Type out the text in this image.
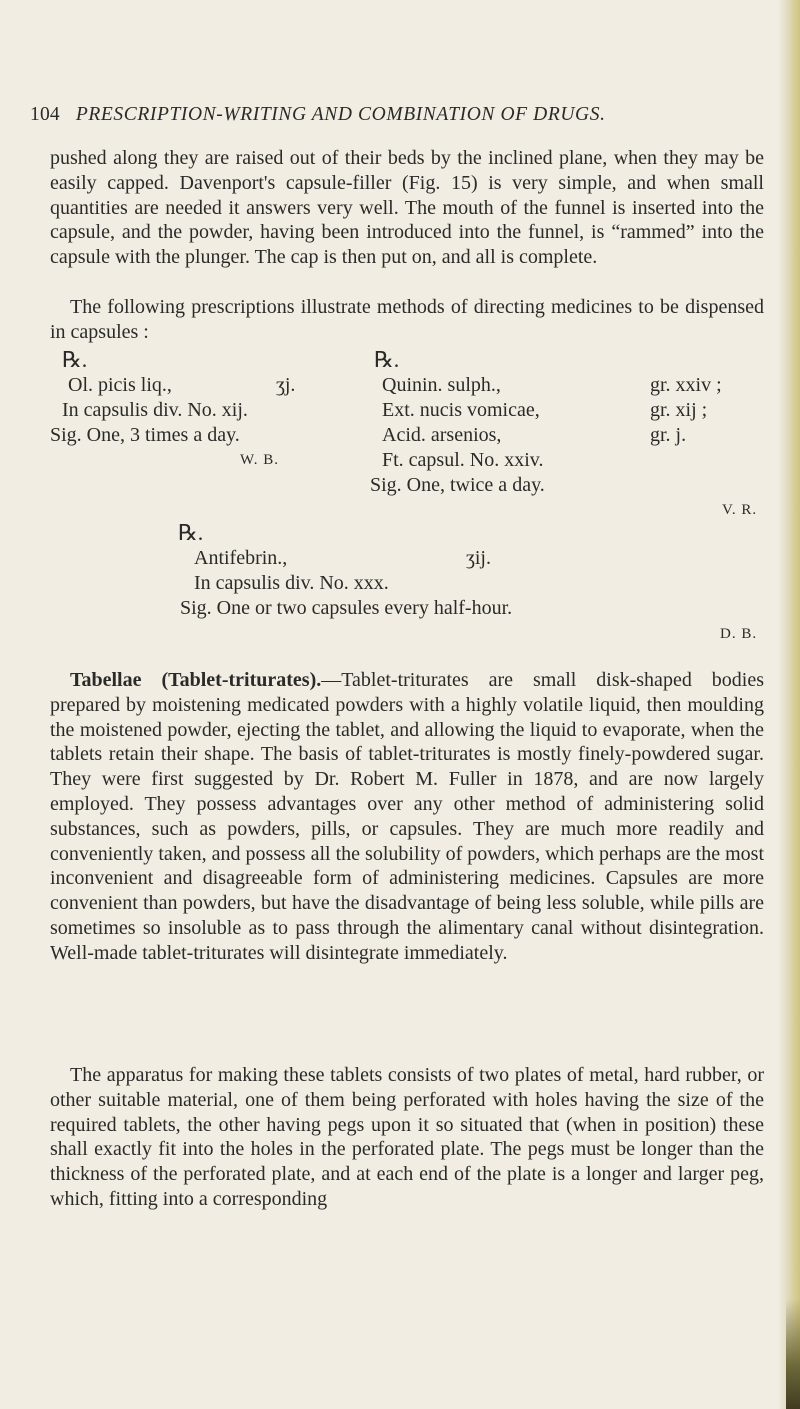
104 PRESCRIPTION-WRITING AND COMBINATION OF DRUGS.

pushed along they are raised out of their beds by the inclined plane, when they may be easily capped. Davenport's capsule-filler (Fig. 15) is very simple, and when small quantities are needed it answers very well. The mouth of the funnel is inserted into the capsule, and the powder, having been introduced into the funnel, is “rammed” into the capsule with the plunger. The cap is then put on, and all is complete.

The following prescriptions illustrate methods of directing medicines to be dispensed in capsules :

℞.
Ol. picis liq.,	ʒj.
In capsulis div. No. xij.
Sig. One, 3 times a day.
W. B.
℞.
Quinin. sulph.,	gr. xxiv ;
Ext. nucis vomicae,	gr. xij ;
Acid. arsenios,	gr. j.
Ft. capsul. No. xxiv.
Sig. One, twice a day.
V. R.
℞.
Antifebrin.,	ʒij.
In capsulis div. No. xxx.
Sig. One or two capsules every half-hour.
D. B.

Tabellae (Tablet-triturates).—Tablet-triturates are small disk-shaped bodies prepared by moistening medicated powders with a highly volatile liquid, then moulding the moistened powder, ejecting the tablet, and allowing the liquid to evaporate, when the tablets retain their shape. The basis of tablet-triturates is mostly finely-powdered sugar. They were first suggested by Dr. Robert M. Fuller in 1878, and are now largely employed. They possess advantages over any other method of administering solid substances, such as powders, pills, or capsules. They are much more readily and conveniently taken, and possess all the solubility of powders, which perhaps are the most inconvenient and disagreeable form of administering medicines. Capsules are more convenient than powders, but have the disadvantage of being less soluble, while pills are sometimes so insoluble as to pass through the alimentary canal without disintegration. Well-made tablet-triturates will disintegrate immediately.

The apparatus for making these tablets consists of two plates of metal, hard rubber, or other suitable material, one of them being perforated with holes having the size of the required tablets, the other having pegs upon it so situated that (when in position) these shall exactly fit into the holes in the perforated plate. The pegs must be longer than the thickness of the perforated plate, and at each end of the plate is a longer and larger peg, which, fitting into a corresponding
